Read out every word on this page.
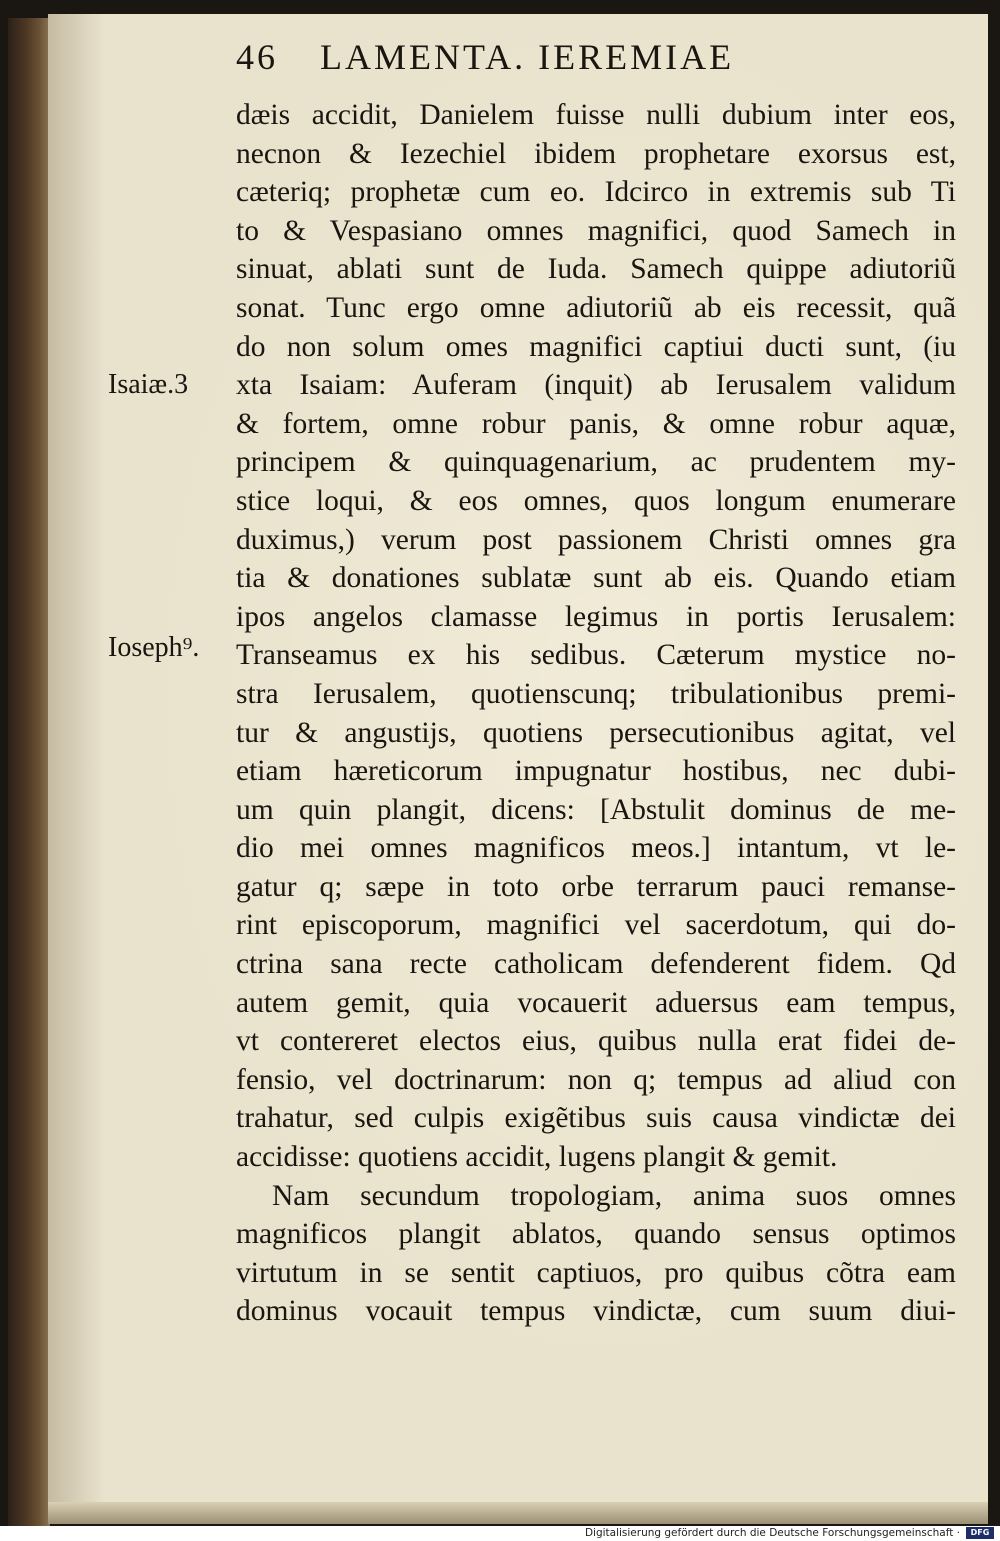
46 LAMENTA. IEREMIAE
Isaiæ.3
Ioseph⁹.
dæis accidit, Danielem fuisse nulli dubium inter eos,
necnon & Iezechiel ibidem prophetare exorsus est,
cæteriq; prophetæ cum eo. Idcirco in extremis sub Ti
to & Vespasiano omnes magnifici, quod Samech in
sinuat, ablati sunt de Iuda. Samech quippe adiutoriũ
sonat. Tunc ergo omne adiutoriũ ab eis recessit, quã
do non solum omes magnifici captiui ducti sunt, (iu
xta Isaiam: Auferam (inquit) ab Ierusalem validum
& fortem, omne robur panis, & omne robur aquæ,
principem & quinquagenarium, ac prudentem my-
stice loqui, & eos omnes, quos longum enumerare
duximus,) verum post passionem Christi omnes gra
tia & donationes sublatæ sunt ab eis. Quando etiam
ipos angelos clamasse legimus in portis Ierusalem:
Transeamus ex his sedibus. Cæterum mystice no-
stra Ierusalem, quotienscunq; tribulationibus premi-
tur & angustijs, quotiens persecutionibus agitat, vel
etiam hæreticorum impugnatur hostibus, nec dubi-
um quin plangit, dicens: [Abstulit dominus de me-
dio mei omnes magnificos meos.] intantum, vt le-
gatur q; sæpe in toto orbe terrarum pauci remanse-
rint episcoporum, magnifici vel sacerdotum, qui do-
ctrina sana recte catholicam defenderent fidem. Qd
autem gemit, quia vocauerit aduersus eam tempus,
vt contereret electos eius, quibus nulla erat fidei de-
fensio, vel doctrinarum: non q; tempus ad aliud con
trahatur, sed culpis exigẽtibus suis causa vindictæ dei
accidisse: quotiens accidit, lugens plangit & gemit.
Nam secundum tropologiam, anima suos omnes
magnificos plangit ablatos, quando sensus optimos
virtutum in se sentit captiuos, pro quibus cõtra eam
dominus vocauit tempus vindictæ, cum suum diui-
Digitalisierung gefördert durch die Deutsche Forschungsgemeinschaft ·	DFG
